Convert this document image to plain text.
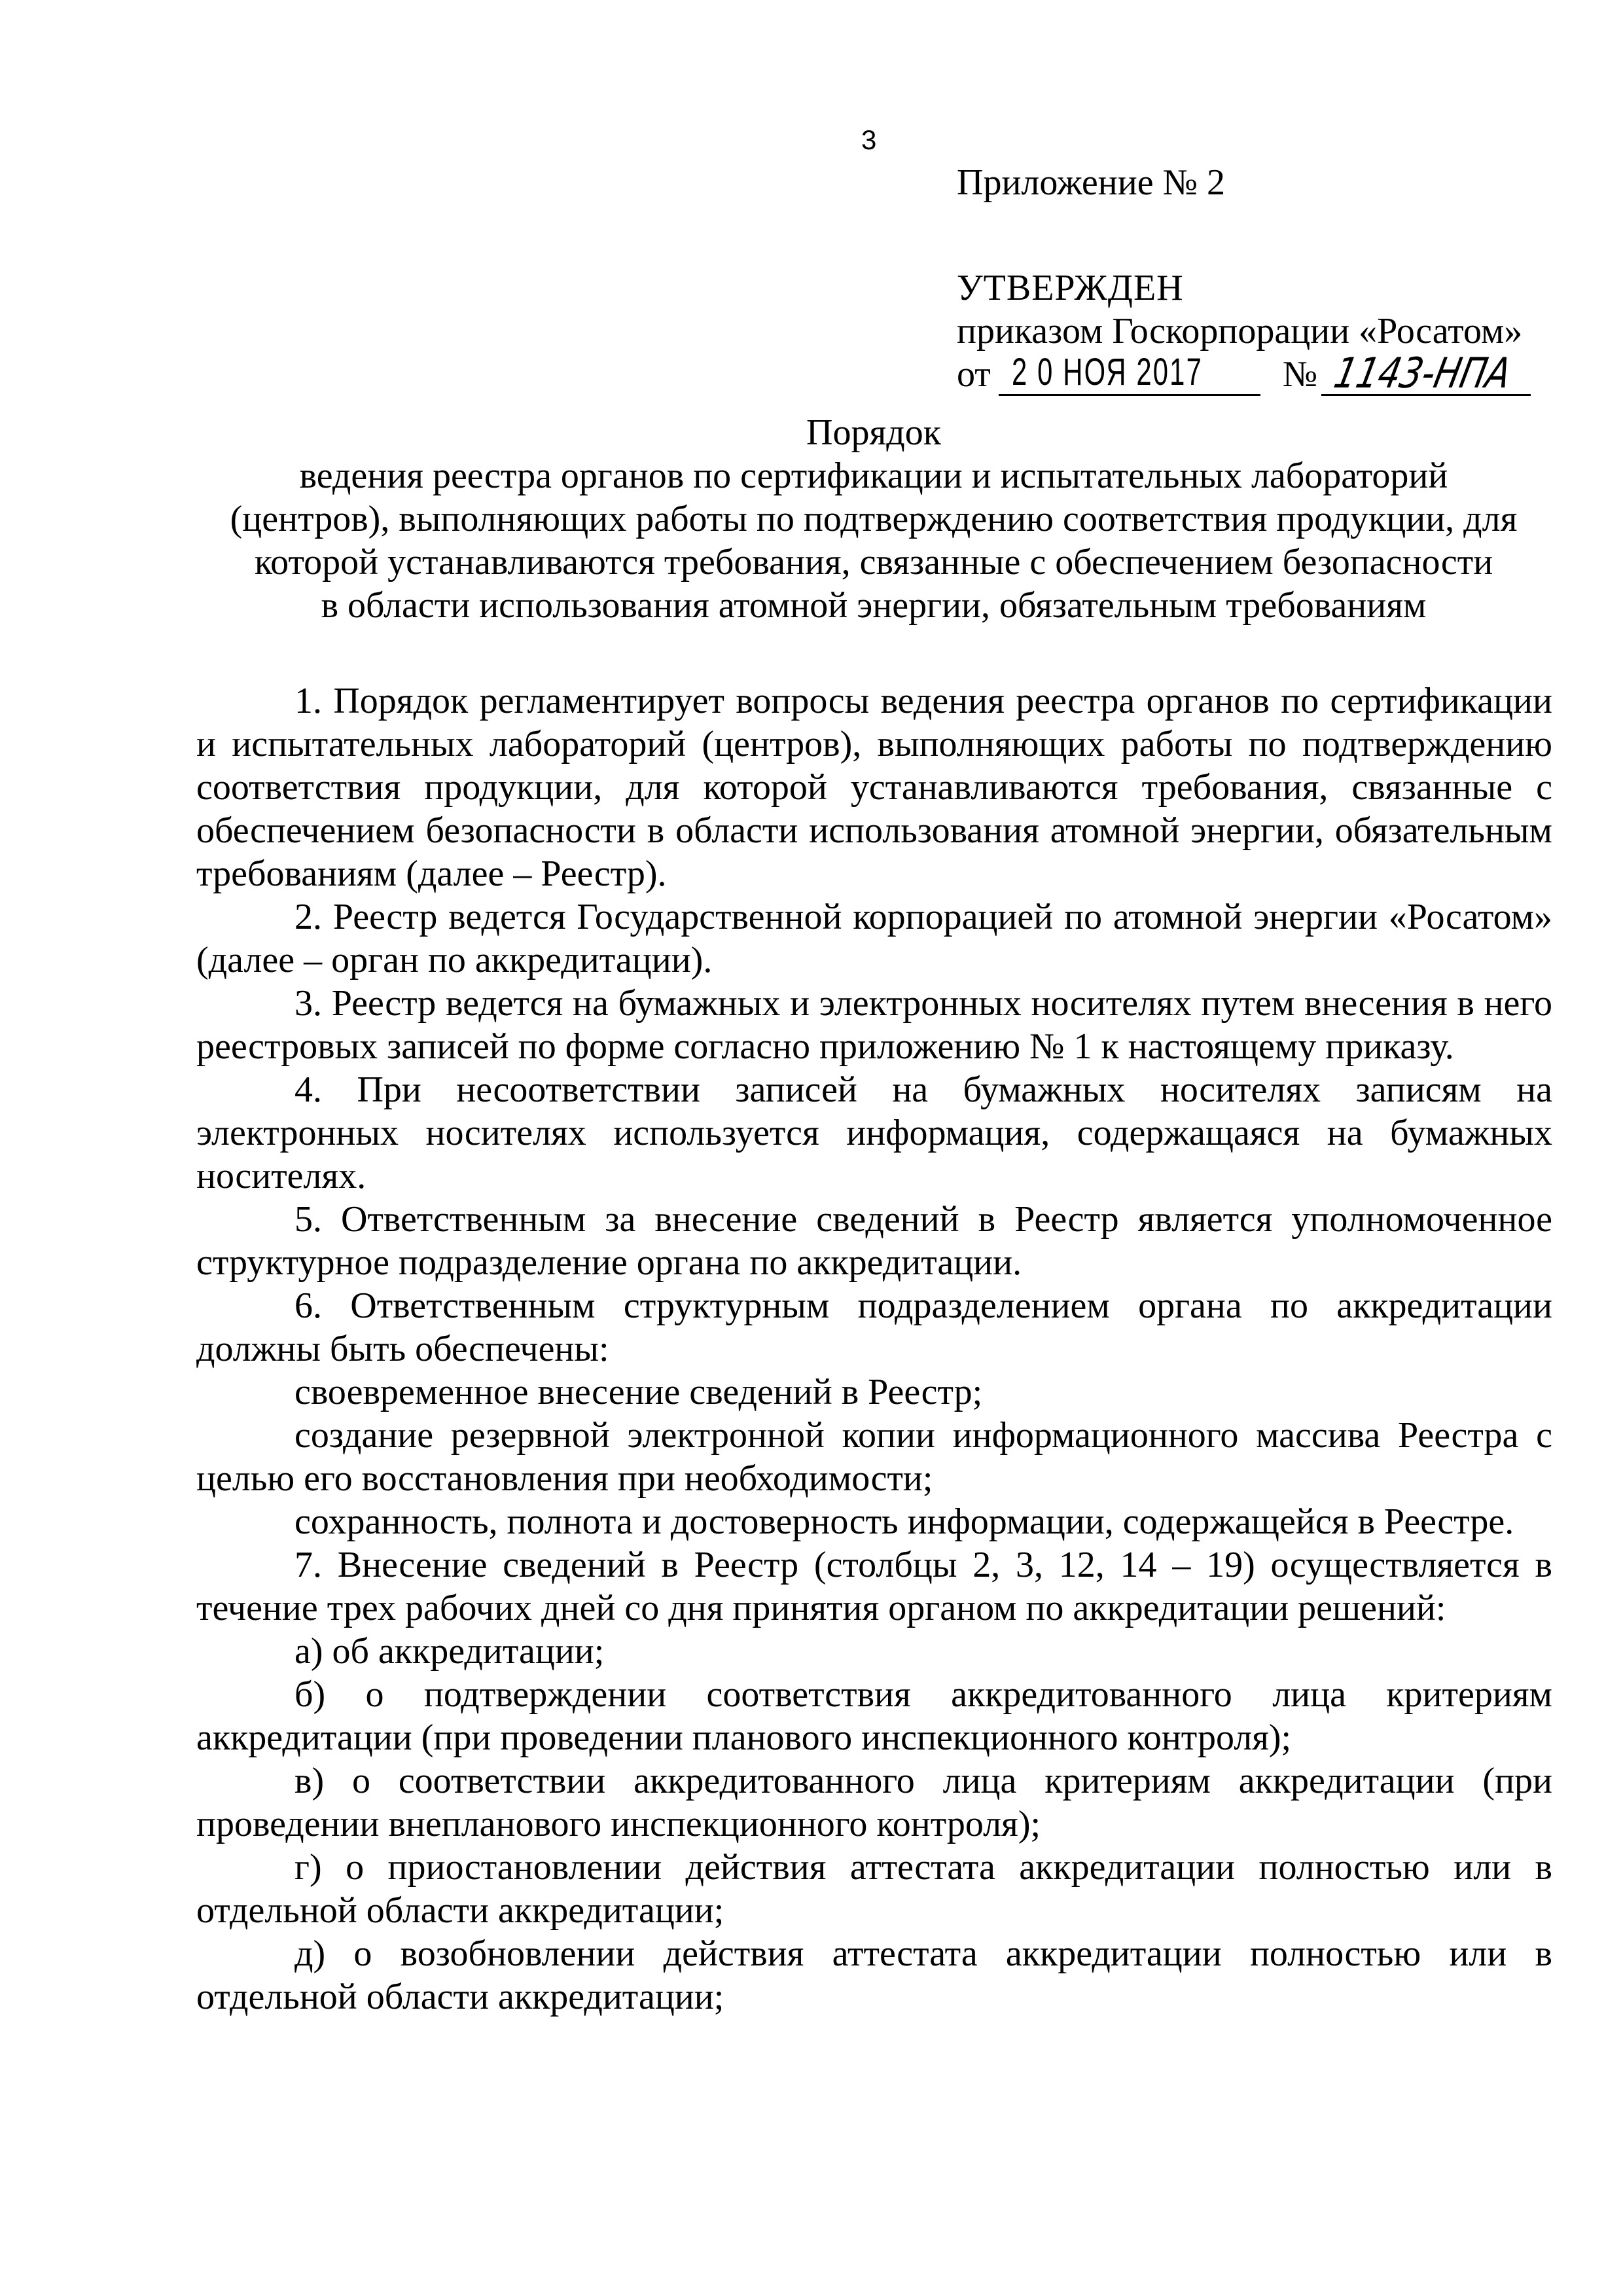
3
Приложение № 2
УТВЕРЖДЕН
приказом Госкорпорации «Росатом»
от 2 0 НОЯ 2017 № 1143-НПА
Порядок
ведения реестра органов по сертификации и испытательных лабораторий
(центров), выполняющих работы по подтверждению соответствия продукции, для
которой устанавливаются требования, связанные с обеспечением безопасности
в области использования атомной энергии, обязательным требованиям

1. Порядок регламентирует вопросы ведения реестра органов по сертификации и испытательных лабораторий (центров), выполняющих работы по подтверждению соответствия продукции, для которой устанавливаются требования, связанные с обеспечением безопасности в области использования атомной энергии, обязательным требованиям (далее – Реестр).

2. Реестр ведется Государственной корпорацией по атомной энергии «Росатом» (далее – орган по аккредитации).

3. Реестр ведется на бумажных и электронных носителях путем внесения в него реестровых записей по форме согласно приложению № 1 к настоящему приказу.

4. При несоответствии записей на бумажных носителях записям на электронных носителях используется информация, содержащаяся на бумажных носителях.

5. Ответственным за внесение сведений в Реестр является уполномоченное структурное подразделение органа по аккредитации.

6. Ответственным структурным подразделением органа по аккредитации должны быть обеспечены:

своевременное внесение сведений в Реестр;

создание резервной электронной копии информационного массива Реестра с целью его восстановления при необходимости;

сохранность, полнота и достоверность информации, содержащейся в Реестре.

7. Внесение сведений в Реестр (столбцы 2, 3, 12, 14 – 19) осуществляется в течение трех рабочих дней со дня принятия органом по аккредитации решений:

а) об аккредитации;

б) о подтверждении соответствия аккредитованного лица критериям аккредитации (при проведении планового инспекционного контроля);

в) о соответствии аккредитованного лица критериям аккредитации (при проведении внепланового инспекционного контроля);

г) о приостановлении действия аттестата аккредитации полностью или в отдельной области аккредитации;

д) о возобновлении действия аттестата аккредитации полностью или в отдельной области аккредитации;
